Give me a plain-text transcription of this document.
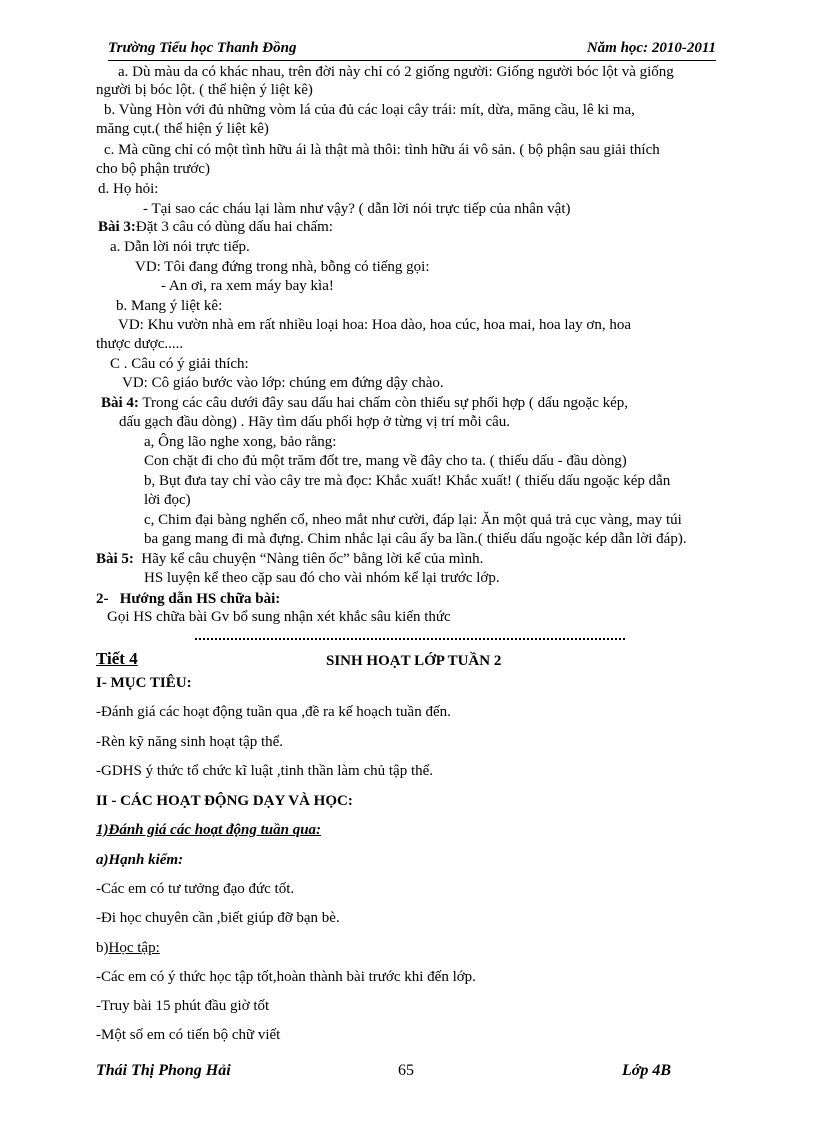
Trường Tiểu học Thanh Đồng	Năm học: 2010-2011
a. Dù màu da có khác nhau, trên đời này chỉ có 2 giống người: Giống người bóc lột và giống
người bị bóc lột. ( thể hiện ý liệt kê)
b. Vùng Hòn với đủ những vòm lá của đủ các loại cây trái: mít, dừa, măng cầu, lê ki ma,
măng cụt.( thể hiện ý liệt kê)
c. Mà cũng chỉ có một tình hữu ái là thật mà thôi: tình hữu ái vô sản. ( bộ phận sau giải thích
cho bộ phận trước)
d. Họ hỏi:
- Tại sao các cháu lại làm như vậy? ( dẫn lời nói trực tiếp của nhân vật)
Bài 3:Đặt 3 câu có dùng dấu hai chấm:
a. Dẫn lời nói trực tiếp.
VD: Tôi đang đứng trong nhà, bỗng có tiếng gọi:
- An ơi, ra xem máy bay kìa!
b. Mang ý liệt kê:
VD: Khu vườn nhà em rất nhiều loại hoa: Hoa dào, hoa cúc, hoa mai, hoa lay ơn, hoa
thược dược.....
C . Câu có ý giải thích:
VD: Cô giáo bước vào lớp: chúng em đứng dậy chào.
Bài 4: Trong các câu dưới đây sau dấu hai chấm còn thiếu sự phối hợp ( dấu ngoặc kép,
dấu gạch đầu dòng) . Hãy tìm dấu phối hợp ở từng vị trí mỗi câu.
a, Ông lão nghe xong, bảo rằng:
Con chặt đi cho đủ một trăm đốt tre, mang về đây cho ta. ( thiếu dấu - đầu dòng)
b, Bụt đưa tay chỉ vào cây tre mà đọc: Khắc xuất! Khắc xuất! ( thiếu dấu ngoặc kép dẫn
lời đọc)
c, Chim đại bàng nghển cổ, nheo mắt như cười, đáp lại: Ăn một quả trả cục vàng, may túi
ba gang mang đi mà đựng. Chim nhắc lại câu ấy ba lần.( thiếu dấu ngoặc kép dẫn lời đáp).
Bài 5: Hãy kể câu chuyện “Nàng tiên ốc” bằng lời kể của mình.
HS luyện kể theo cặp sau đó cho vài nhóm kể lại trước lớp.
2- Hướng dẫn HS chữa bài:
Gọi HS chữa bài Gv bổ sung nhận xét khắc sâu kiến thức
Tiết 4	SINH HOẠT LỚP TUẦN 2
I- MỤC TIÊU:
-Đánh giá các hoạt động tuần qua ,đề ra kế hoạch tuần đến.
-Rèn kỹ năng sinh hoạt tập thể.
-GDHS ý thức tổ chức kĩ luật ,tinh thần làm chủ tập thể.
II - CÁC HOẠT ĐỘNG DẠY VÀ HỌC:
1)Đánh giá các hoạt động tuần qua:
a)Hạnh kiểm:
-Các em có tư tưởng đạo đức tốt.
-Đi học chuyên cần ,biết giúp đỡ bạn bè.
b)Học tập:
-Các em có ý thức học tập tốt,hoàn thành bài trước khi đến lớp.
-Truy bài 15 phút đầu giờ tốt
-Một số em có tiến bộ chữ viết
Thái Thị Phong Hải	65	Lớp 4B
